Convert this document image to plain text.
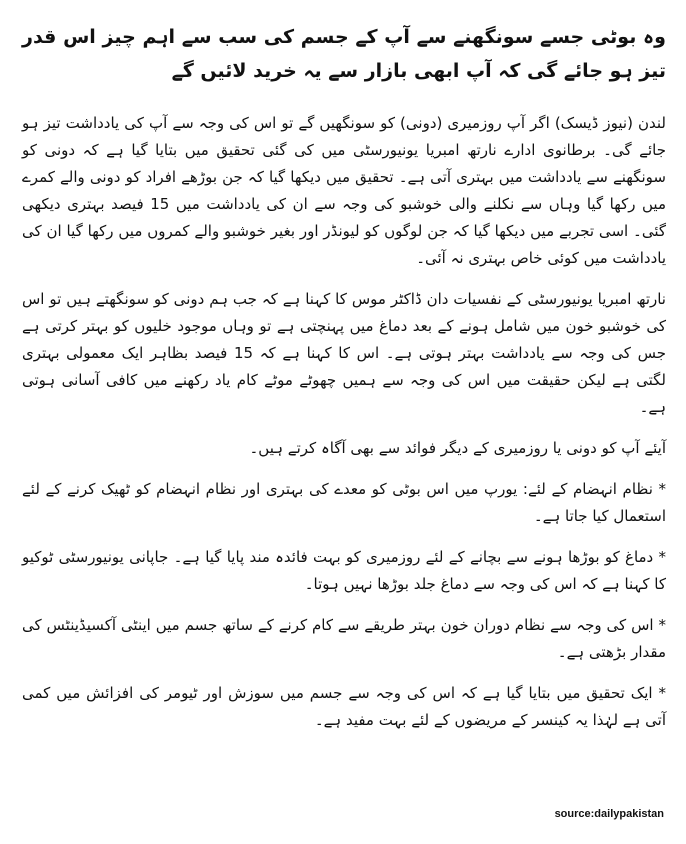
وہ بوٹی جسے سونگھنے سے آپ کے جسم کی سب سے اہم چیز اس قدر تیز ہو جائے گی کہ آپ ابھی بازار سے یہ خرید لائیں گے

لندن (نیوز ڈیسک) اگر آپ روزمیری (دونی) کو سونگھیں گے تو اس کی وجہ سے آپ کی یادداشت تیز ہو جائے گی۔ برطانوی ادارے نارتھ امبریا یونیورسٹی میں کی گئی تحقیق میں بتایا گیا ہے کہ دونی کو سونگھنے سے یادداشت میں بہتری آتی ہے۔ تحقیق میں دیکھا گیا کہ جن بوڑھے افراد کو دونی والے کمرے میں رکھا گیا وہاں سے نکلنے والی خوشبو کی وجہ سے ان کی یادداشت میں 15 فیصد بہتری دیکھی گئی۔ اسی تجربے میں دیکھا گیا کہ جن لوگوں کو لیونڈر اور بغیر خوشبو والے کمروں میں رکھا گیا ان کی یادداشت میں کوئی خاص بہتری نہ آئی۔

نارتھ امبریا یونیورسٹی کے نفسیات دان ڈاکٹر موس کا کہنا ہے کہ جب ہم دونی کو سونگھتے ہیں تو اس کی خوشبو خون میں شامل ہونے کے بعد دماغ میں پہنچتی ہے تو وہاں موجود خلیوں کو بہتر کرتی ہے جس کی وجہ سے یادداشت بہتر ہوتی ہے۔ اس کا کہنا ہے کہ 15 فیصد بظاہر ایک معمولی بہتری لگتی ہے لیکن حقیقت میں اس کی وجہ سے ہمیں چھوٹے موٹے کام یاد رکھنے میں کافی آسانی ہوتی ہے۔

آیئے آپ کو دونی یا روزمیری کے دیگر فوائد سے بھی آگاہ کرتے ہیں۔

* نظام انہضام کے لئے: یورپ میں اس بوٹی کو معدے کی بہتری اور نظام انہضام کو ٹھیک کرنے کے لئے استعمال کیا جاتا ہے۔

* دماغ کو بوڑھا ہونے سے بچانے کے لئے روزمیری کو بہت فائدہ مند پایا گیا ہے۔ جاپانی یونیورسٹی ٹوکیو کا کہنا ہے کہ اس کی وجہ سے دماغ جلد بوڑھا نہیں ہوتا۔

* اس کی وجہ سے نظام دوران خون بہتر طریقے سے کام کرنے کے ساتھ جسم میں اینٹی آکسیڈینٹس کی مقدار بڑھتی ہے۔

* ایک تحقیق میں بتایا گیا ہے کہ اس کی وجہ سے جسم میں سوزش اور ٹیومر کی افزائش میں کمی آتی ہے لہٰذا یہ کینسر کے مریضوں کے لئے بہت مفید ہے۔

source:dailypakistan
